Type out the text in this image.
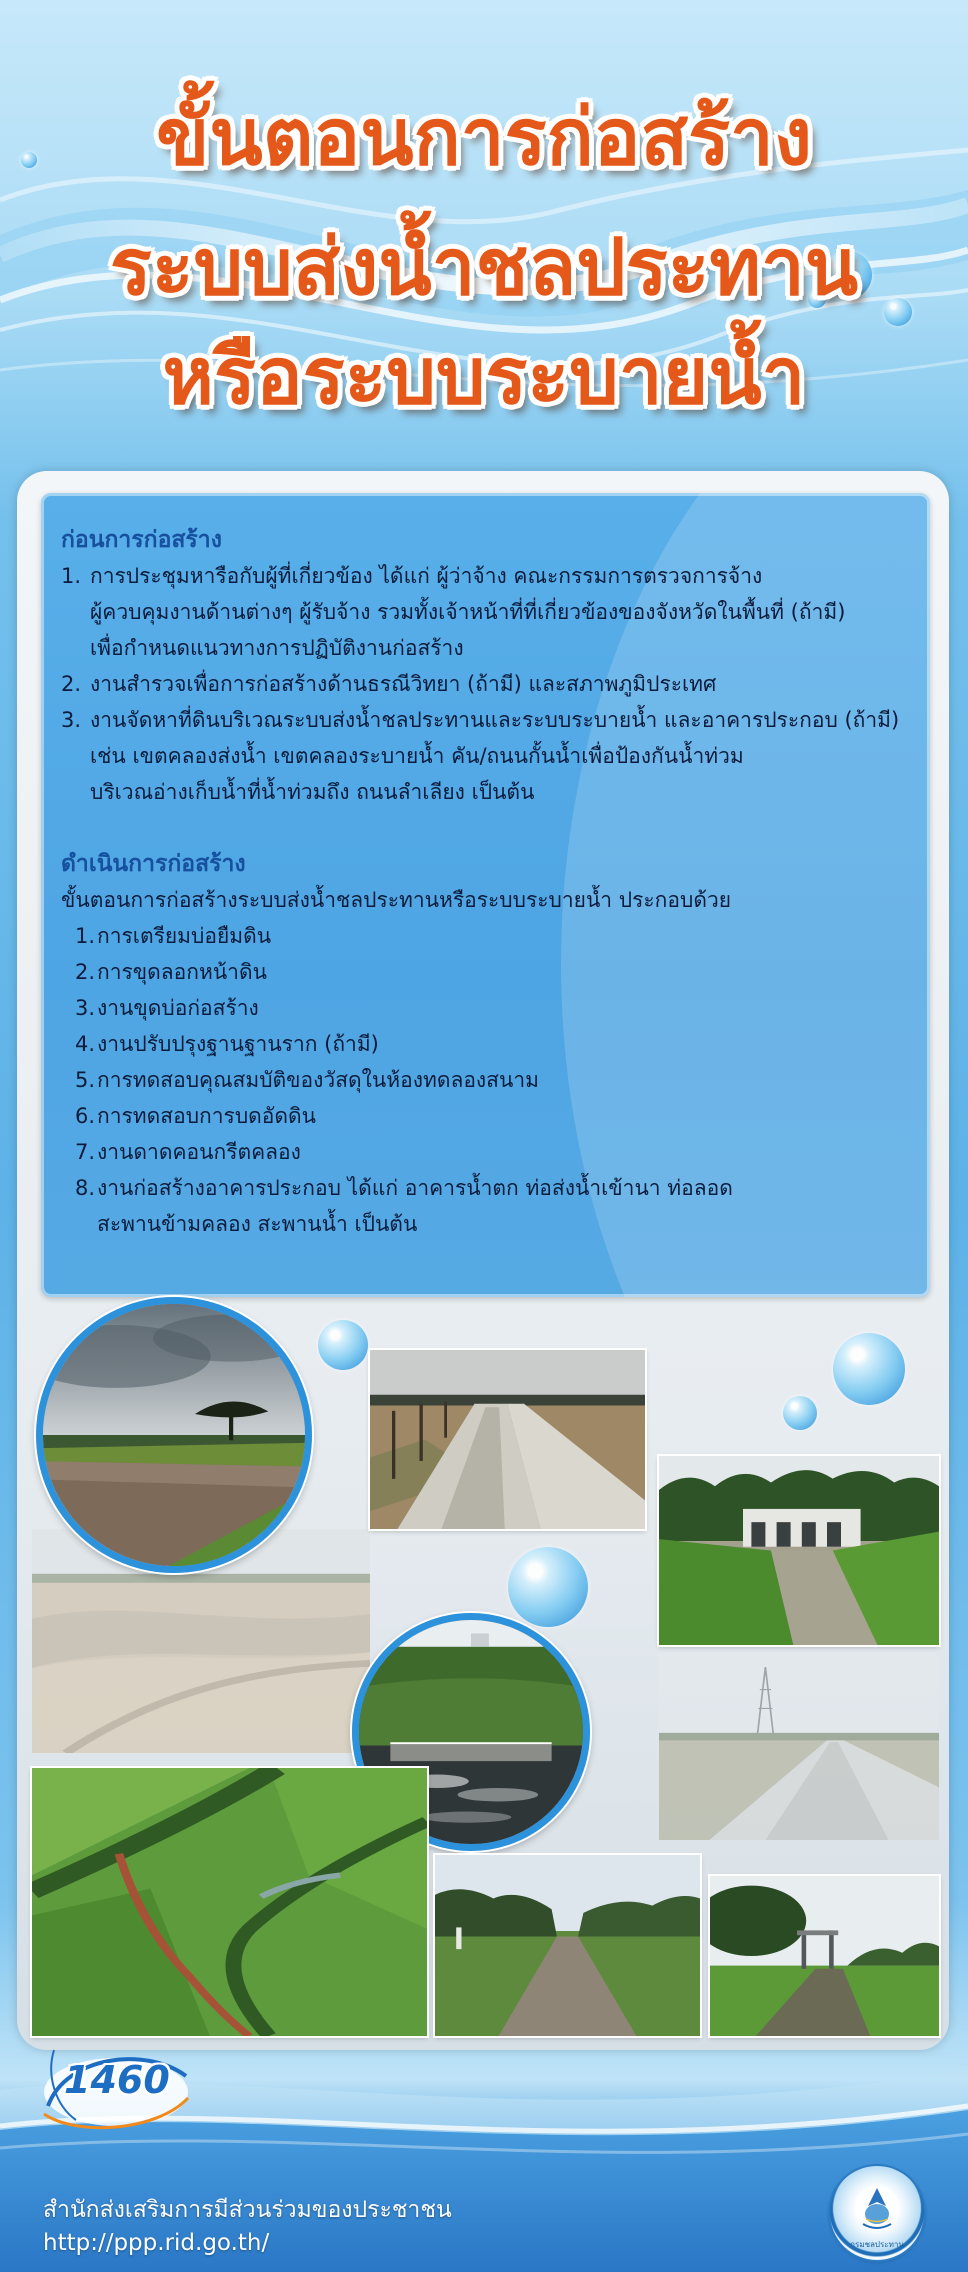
ขั้นตอนการก่อสร้าง
ระบบส่งน้ำชลประทาน
หรือระบบระบายน้ำ
ก่อนการก่อสร้าง
1. การประชุมหารือกับผู้ที่เกี่ยวข้อง ได้แก่ ผู้ว่าจ้าง คณะกรรมการตรวจการจ้าง
ผู้ควบคุมงานด้านต่างๆ ผู้รับจ้าง รวมทั้งเจ้าหน้าที่ที่เกี่ยวข้องของจังหวัดในพื้นที่ (ถ้ามี)
เพื่อกำหนดแนวทางการปฏิบัติงานก่อสร้าง
2. งานสำรวจเพื่อการก่อสร้างด้านธรณีวิทยา (ถ้ามี) และสภาพภูมิประเทศ
3. งานจัดหาที่ดินบริเวณระบบส่งน้ำชลประทานและระบบระบายน้ำ และอาคารประกอบ (ถ้ามี)
เช่น เขตคลองส่งน้ำ เขตคลองระบายน้ำ คัน/ถนนกั้นน้ำเพื่อป้องกันน้ำท่วม
บริเวณอ่างเก็บน้ำที่น้ำท่วมถึง ถนนลำเลียง เป็นต้น
ดำเนินการก่อสร้าง
ขั้นตอนการก่อสร้างระบบส่งน้ำชลประทานหรือระบบระบายน้ำ ประกอบด้วย
1. การเตรียมบ่อยืมดิน
2. การขุดลอกหน้าดิน
3. งานขุดบ่อก่อสร้าง
4. งานปรับปรุงฐานฐานราก (ถ้ามี)
5. การทดสอบคุณสมบัติของวัสดุในห้องทดลองสนาม
6. การทดสอบการบดอัดดิน
7. งานดาดคอนกรีตคลอง
8. งานก่อสร้างอาคารประกอบ ได้แก่ อาคารน้ำตก ท่อส่งน้ำเข้านา ท่อลอด
สะพานข้ามคลอง สะพานน้ำ เป็นต้น
1460
สำนักส่งเสริมการมีส่วนร่วมของประชาชน
http://ppp.rid.go.th/	กรมชลประทาน
